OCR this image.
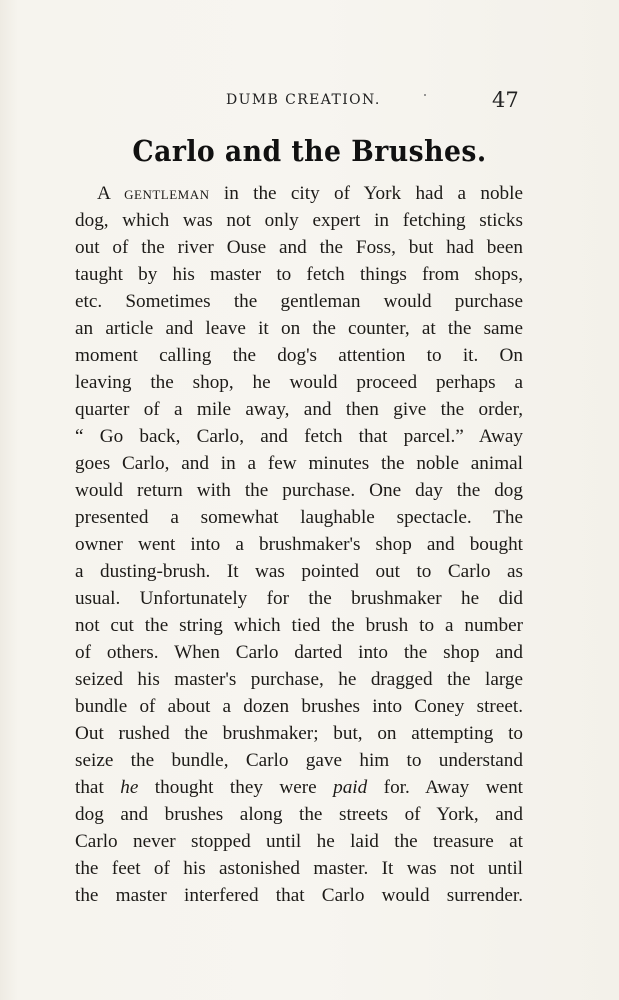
DUMB CREATION.	47
Carlo and the Brushes.
A gentleman in the city of York had a noble
dog, which was not only expert in fetching sticks
out of the river Ouse and the Foss, but had been
taught by his master to fetch things from shops,
etc. Sometimes the gentleman would purchase
an article and leave it on the counter, at the same
moment calling the dog's attention to it. On
leaving the shop, he would proceed perhaps a
quarter of a mile away, and then give the order,
“ Go back, Carlo, and fetch that parcel.” Away
goes Carlo, and in a few minutes the noble animal
would return with the purchase. One day the dog
presented a somewhat laughable spectacle. The
owner went into a brushmaker's shop and bought
a dusting-brush. It was pointed out to Carlo as
usual. Unfortunately for the brushmaker he did
not cut the string which tied the brush to a number
of others. When Carlo darted into the shop and
seized his master's purchase, he dragged the large
bundle of about a dozen brushes into Coney street.
Out rushed the brushmaker; but, on attempting to
seize the bundle, Carlo gave him to understand
that he thought they were paid for. Away went
dog and brushes along the streets of York, and
Carlo never stopped until he laid the treasure at
the feet of his astonished master. It was not until
the master interfered that Carlo would surrender.
